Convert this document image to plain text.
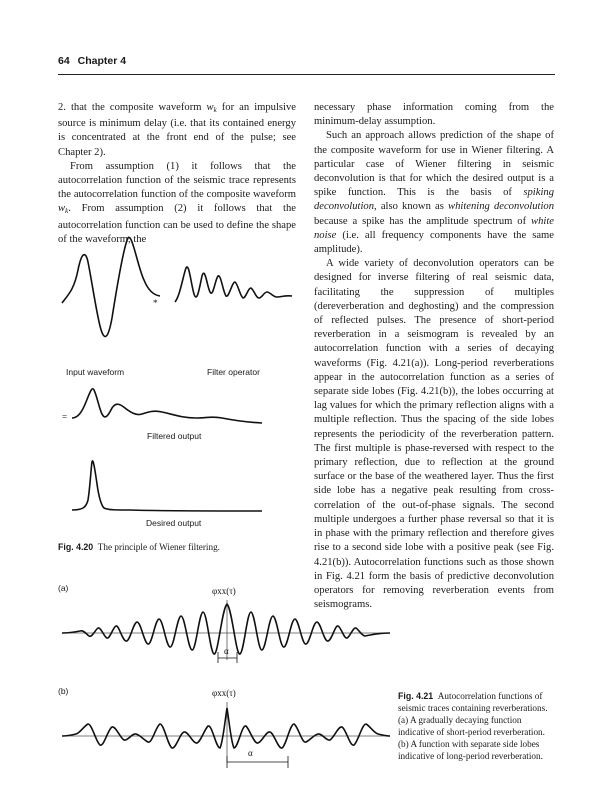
64 Chapter 4

2. that the composite waveform $w_k$ for an impulsive source is minimum delay (i.e. that its contained energy is concentrated at the front end of the pulse; see Chapter 2).

From assumption (1) it follows that the autocorrelation function of the seismic trace represents the autocorrelation function of the composite waveform $w_k$. From assumption (2) it follows that the autocorrelation function can be used to define the shape of the waveform, the

necessary phase information coming from the minimum-delay assumption.

Such an approach allows prediction of the shape of the composite waveform for use in Wiener filtering. A particular case of Wiener filtering in seismic deconvolution is that for which the desired output is a spike function. This is the basis of spiking deconvolution, also known as whitening deconvolution because a spike has the amplitude spectrum of white noise (i.e. all frequency components have the same amplitude).

A wide variety of deconvolution operators can be designed for inverse filtering of real seismic data, facilitating the suppression of multiples (dereverberation and deghosting) and the compression of reflected pulses. The presence of short-period reverberation in a seismogram is revealed by an autocorrelation function with a series of decaying waveforms (Fig. 4.21(a)). Long-period reverberations appear in the autocorrelation function as a series of separate side lobes (Fig. 4.21(b)), the lobes occurring at lag values for which the primary reflection aligns with a multiple reflection. Thus the spacing of the side lobes represents the periodicity of the reverberation pattern. The first multiple is phase-reversed with respect to the primary reflection, due to reflection at the ground surface or the base of the weathered layer. Thus the first side lobe has a negative peak resulting from cross-correlation of the out-of-phase signals. The second multiple undergoes a further phase reversal so that it is in phase with the primary reflection and therefore gives rise to a second side lobe with a positive peak (see Fig. 4.21(b)). Autocorrelation functions such as those shown in Fig. 4.21 form the basis of predictive deconvolution operators for removing reverberation events from seismograms.

*
=
Input waveform	Filter operator
Filtered output
Desired output
Fig. 4.20 The principle of Wiener filtering.
(a)
(b)
φxx(τ)
α
φxx(τ)
α
Fig. 4.21 Autocorrelation functions of seismic traces containing reverberations. (a) A gradually decaying function indicative of short-period reverberation. (b) A function with separate side lobes indicative of long-period reverberation.
